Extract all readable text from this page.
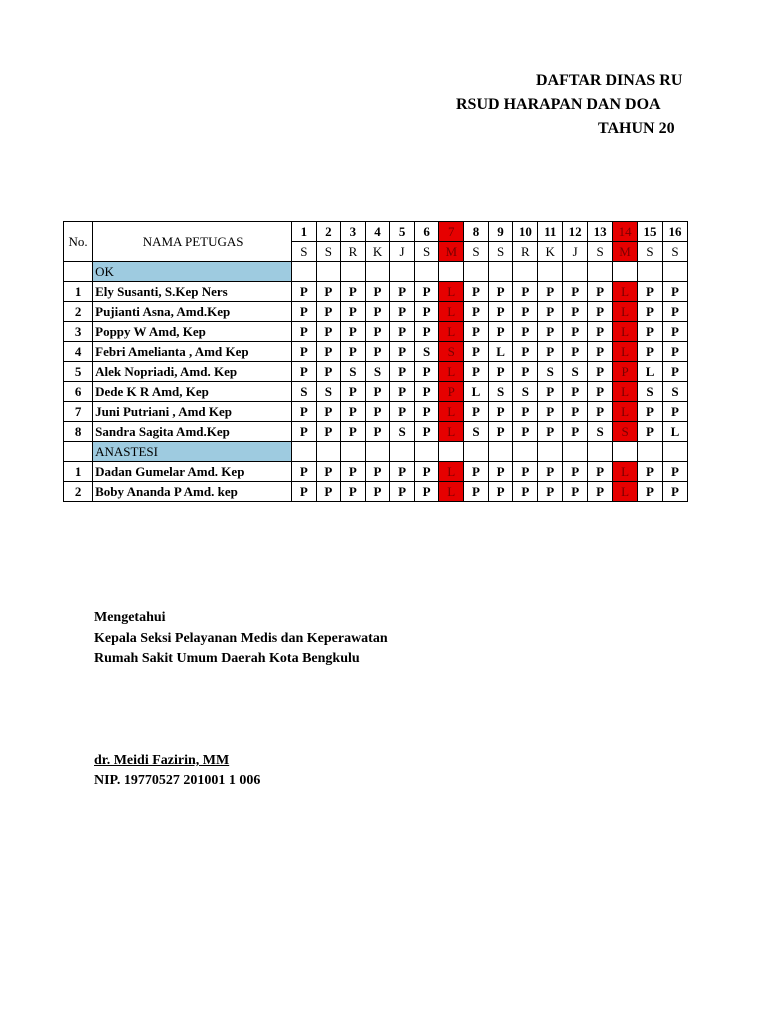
DAFTAR DINAS RU
RSUD HARAPAN DAN DOA
TAHUN 20
No.	NAMA PETUGAS	1	2	3	4	5	6	7	8	9	10	11	12	13	14	15	16
		S	S	R	K	J	S	M	S	S	R	K	J	S	M	S	S
	OK																
1	Ely Susanti, S.Kep Ners	P	P	P	P	P	P	L	P	P	P	P	P	P	L	P	P
2	Pujianti Asna, Amd.Kep	P	P	P	P	P	P	L	P	P	P	P	P	P	L	P	P
3	Poppy W Amd, Kep	P	P	P	P	P	P	L	P	P	P	P	P	P	L	P	P
4	Febri Amelianta , Amd Kep	P	P	P	P	P	S	S	P	L	P	P	P	P	L	P	P
5	Alek Nopriadi, Amd. Kep	P	P	S	S	P	P	L	P	P	P	S	S	P	P	L	P
6	Dede K R Amd, Kep	S	S	P	P	P	P	P	L	S	S	P	P	P	L	S	S
7	Juni Putriani , Amd Kep	P	P	P	P	P	P	L	P	P	P	P	P	P	L	P	P
8	Sandra Sagita Amd.Kep	P	P	P	P	S	P	L	S	P	P	P	P	S	S	P	L
	ANASTESI																
1	Dadan Gumelar Amd. Kep	P	P	P	P	P	P	L	P	P	P	P	P	P	L	P	P
2	Boby Ananda P Amd. kep	P	P	P	P	P	P	L	P	P	P	P	P	P	L	P	P
Mengetahui
Kepala Seksi Pelayanan Medis dan Keperawatan
Rumah Sakit Umum Daerah Kota Bengkulu
dr. Meidi Fazirin, MM
NIP. 19770527 201001 1 006
